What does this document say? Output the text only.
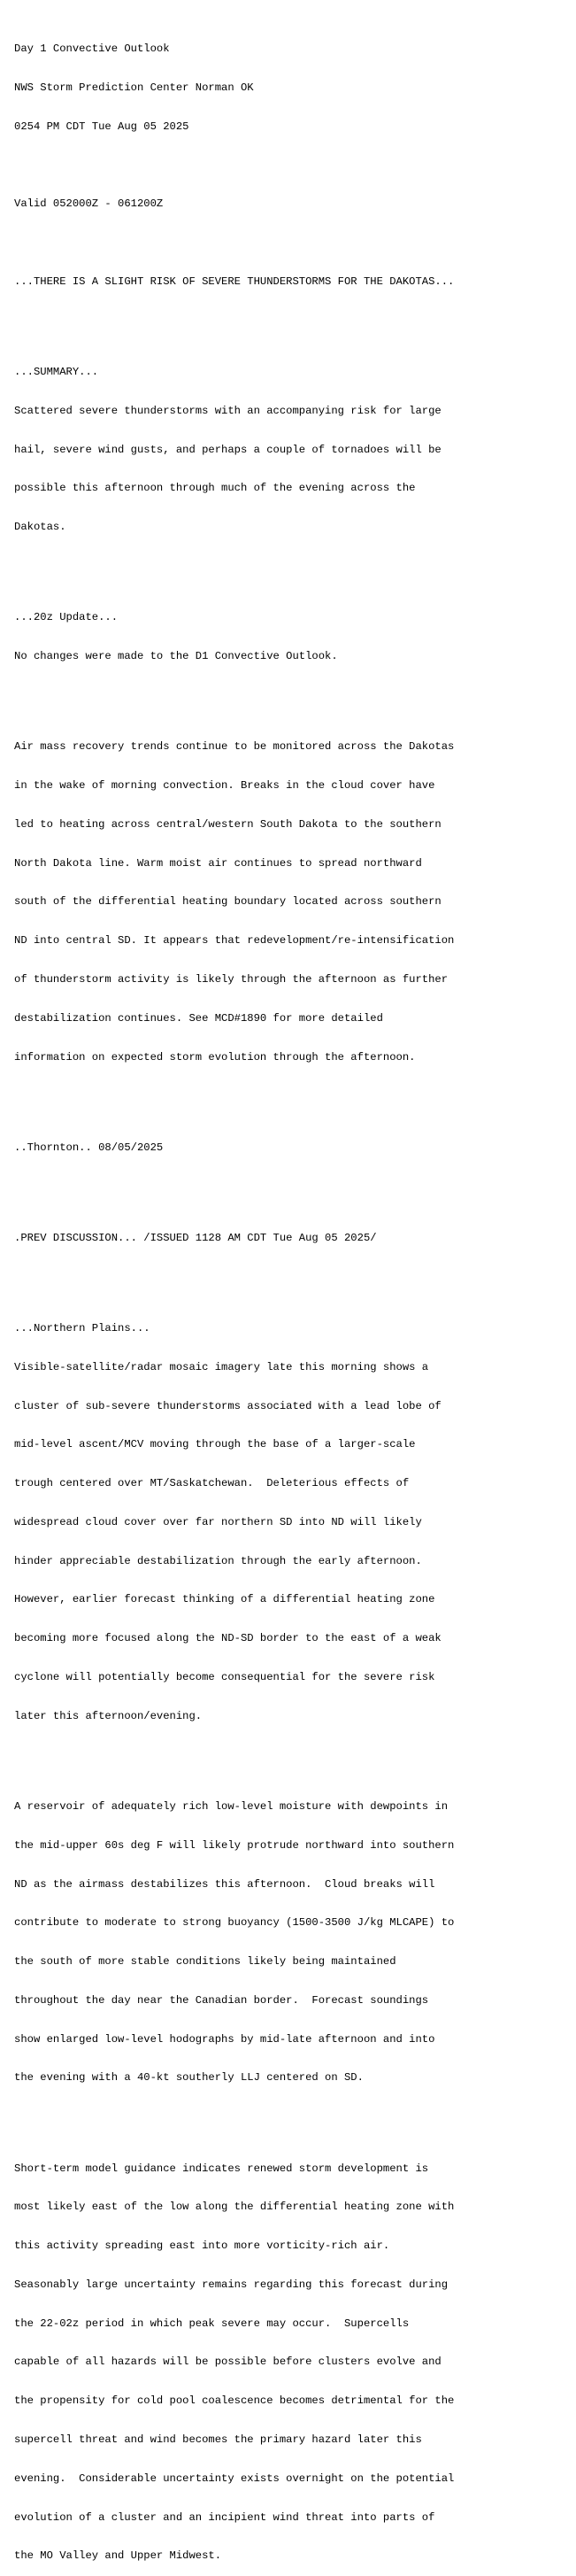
Day 1 Convective Outlook

NWS Storm Prediction Center Norman OK

0254 PM CDT Tue Aug 05 2025

Valid 052000Z - 061200Z

...THERE IS A SLIGHT RISK OF SEVERE THUNDERSTORMS FOR THE DAKOTAS...

...SUMMARY...

Scattered severe thunderstorms with an accompanying risk for large

hail, severe wind gusts, and perhaps a couple of tornadoes will be

possible this afternoon through much of the evening across the

Dakotas.

...20z Update...

No changes were made to the D1 Convective Outlook.

Air mass recovery trends continue to be monitored across the Dakotas

in the wake of morning convection. Breaks in the cloud cover have

led to heating across central/western South Dakota to the southern

North Dakota line. Warm moist air continues to spread northward

south of the differential heating boundary located across southern

ND into central SD. It appears that redevelopment/re-intensification

of thunderstorm activity is likely through the afternoon as further

destabilization continues. See MCD#1890 for more detailed

information on expected storm evolution through the afternoon.

..Thornton.. 08/05/2025

.PREV DISCUSSION... /ISSUED 1128 AM CDT Tue Aug 05 2025/

...Northern Plains...

Visible-satellite/radar mosaic imagery late this morning shows a

cluster of sub-severe thunderstorms associated with a lead lobe of

mid-level ascent/MCV moving through the base of a larger-scale

trough centered over MT/Saskatchewan.  Deleterious effects of

widespread cloud cover over far northern SD into ND will likely

hinder appreciable destabilization through the early afternoon.

However, earlier forecast thinking of a differential heating zone

becoming more focused along the ND-SD border to the east of a weak

cyclone will potentially become consequential for the severe risk

later this afternoon/evening.

A reservoir of adequately rich low-level moisture with dewpoints in

the mid-upper 60s deg F will likely protrude northward into southern

ND as the airmass destabilizes this afternoon.  Cloud breaks will

contribute to moderate to strong buoyancy (1500-3500 J/kg MLCAPE) to

the south of more stable conditions likely being maintained

throughout the day near the Canadian border.  Forecast soundings

show enlarged low-level hodographs by mid-late afternoon and into

the evening with a 40-kt southerly LLJ centered on SD.

Short-term model guidance indicates renewed storm development is

most likely east of the low along the differential heating zone with

this activity spreading east into more vorticity-rich air.

Seasonably large uncertainty remains regarding this forecast during

the 22-02z period in which peak severe may occur.  Supercells

capable of all hazards will be possible before clusters evolve and

the propensity for cold pool coalescence becomes detrimental for the

supercell threat and wind becomes the primary hazard later this

evening.  Considerable uncertainty exists overnight on the potential

evolution of a cluster and an incipient wind threat into parts of

the MO Valley and Upper Midwest.
